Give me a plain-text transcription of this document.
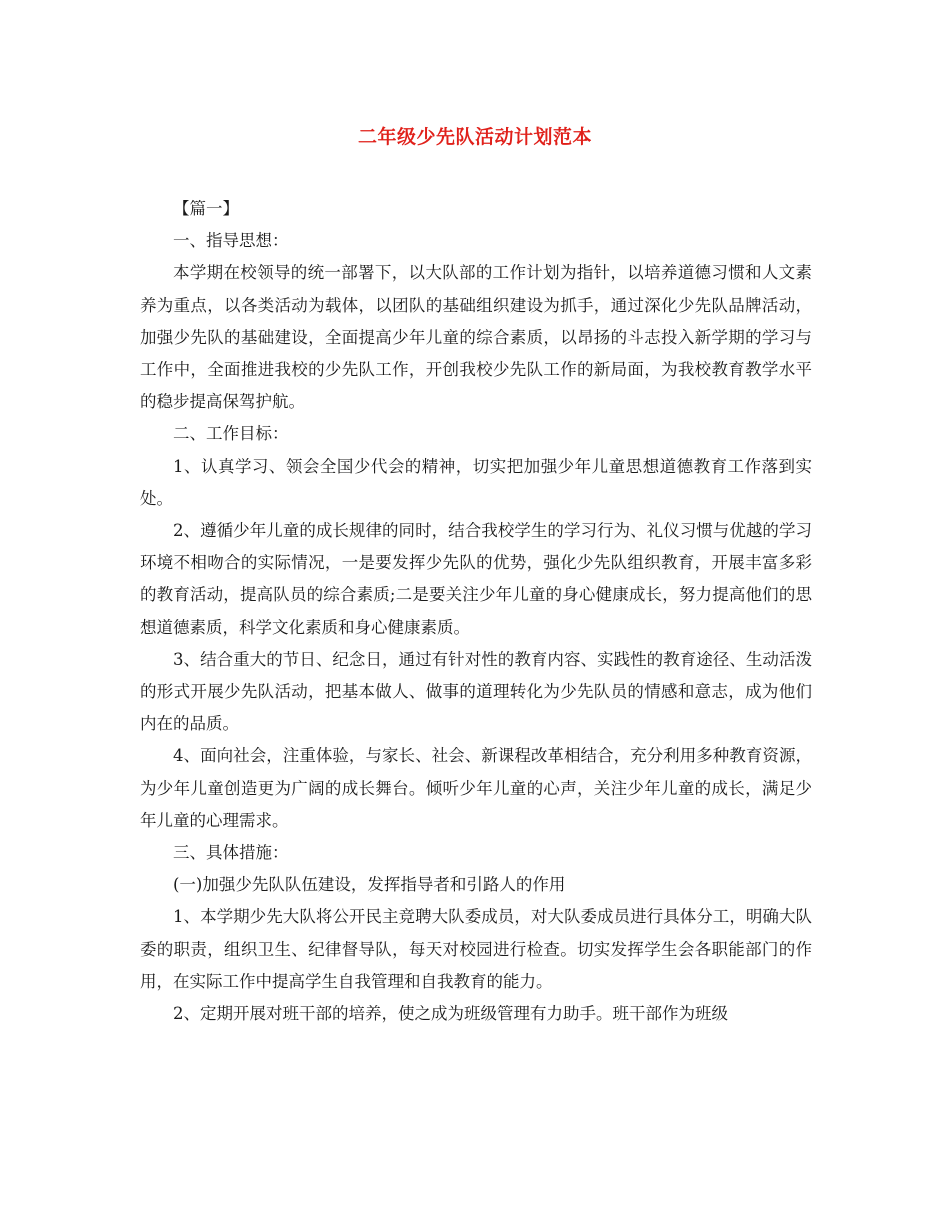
二年级少先队活动计划范本

【篇一】

一、指导思想：

本学期在校领导的统一部署下，以大队部的工作计划为指针，以培养道德习惯和人文素养为重点，以各类活动为载体，以团队的基础组织建设为抓手，通过深化少先队品牌活动，加强少先队的基础建设，全面提高少年儿童的综合素质，以昂扬的斗志投入新学期的学习与工作中，全面推进我校的少先队工作，开创我校少先队工作的新局面，为我校教育教学水平的稳步提高保驾护航。

二、工作目标：

1、认真学习、领会全国少代会的精神，切实把加强少年儿童思想道德教育工作落到实处。

2、遵循少年儿童的成长规律的同时，结合我校学生的学习行为、礼仪习惯与优越的学习环境不相吻合的实际情况，一是要发挥少先队的优势，强化少先队组织教育，开展丰富多彩的教育活动，提高队员的综合素质;二是要关注少年儿童的身心健康成长，努力提高他们的思想道德素质，科学文化素质和身心健康素质。

3、结合重大的节日、纪念日，通过有针对性的教育内容、实践性的教育途径、生动活泼的形式开展少先队活动，把基本做人、做事的道理转化为少先队员的情感和意志，成为他们内在的品质。

4、面向社会，注重体验，与家长、社会、新课程改革相结合，充分利用多种教育资源，为少年儿童创造更为广阔的成长舞台。倾听少年儿童的心声，关注少年儿童的成长，满足少年儿童的心理需求。

三、具体措施：

(一)加强少先队队伍建设，发挥指导者和引路人的作用

1、本学期少先大队将公开民主竞聘大队委成员，对大队委成员进行具体分工，明确大队委的职责，组织卫生、纪律督导队，每天对校园进行检查。切实发挥学生会各职能部门的作用，在实际工作中提高学生自我管理和自我教育的能力。

2、定期开展对班干部的培养，使之成为班级管理有力助手。班干部作为班级
